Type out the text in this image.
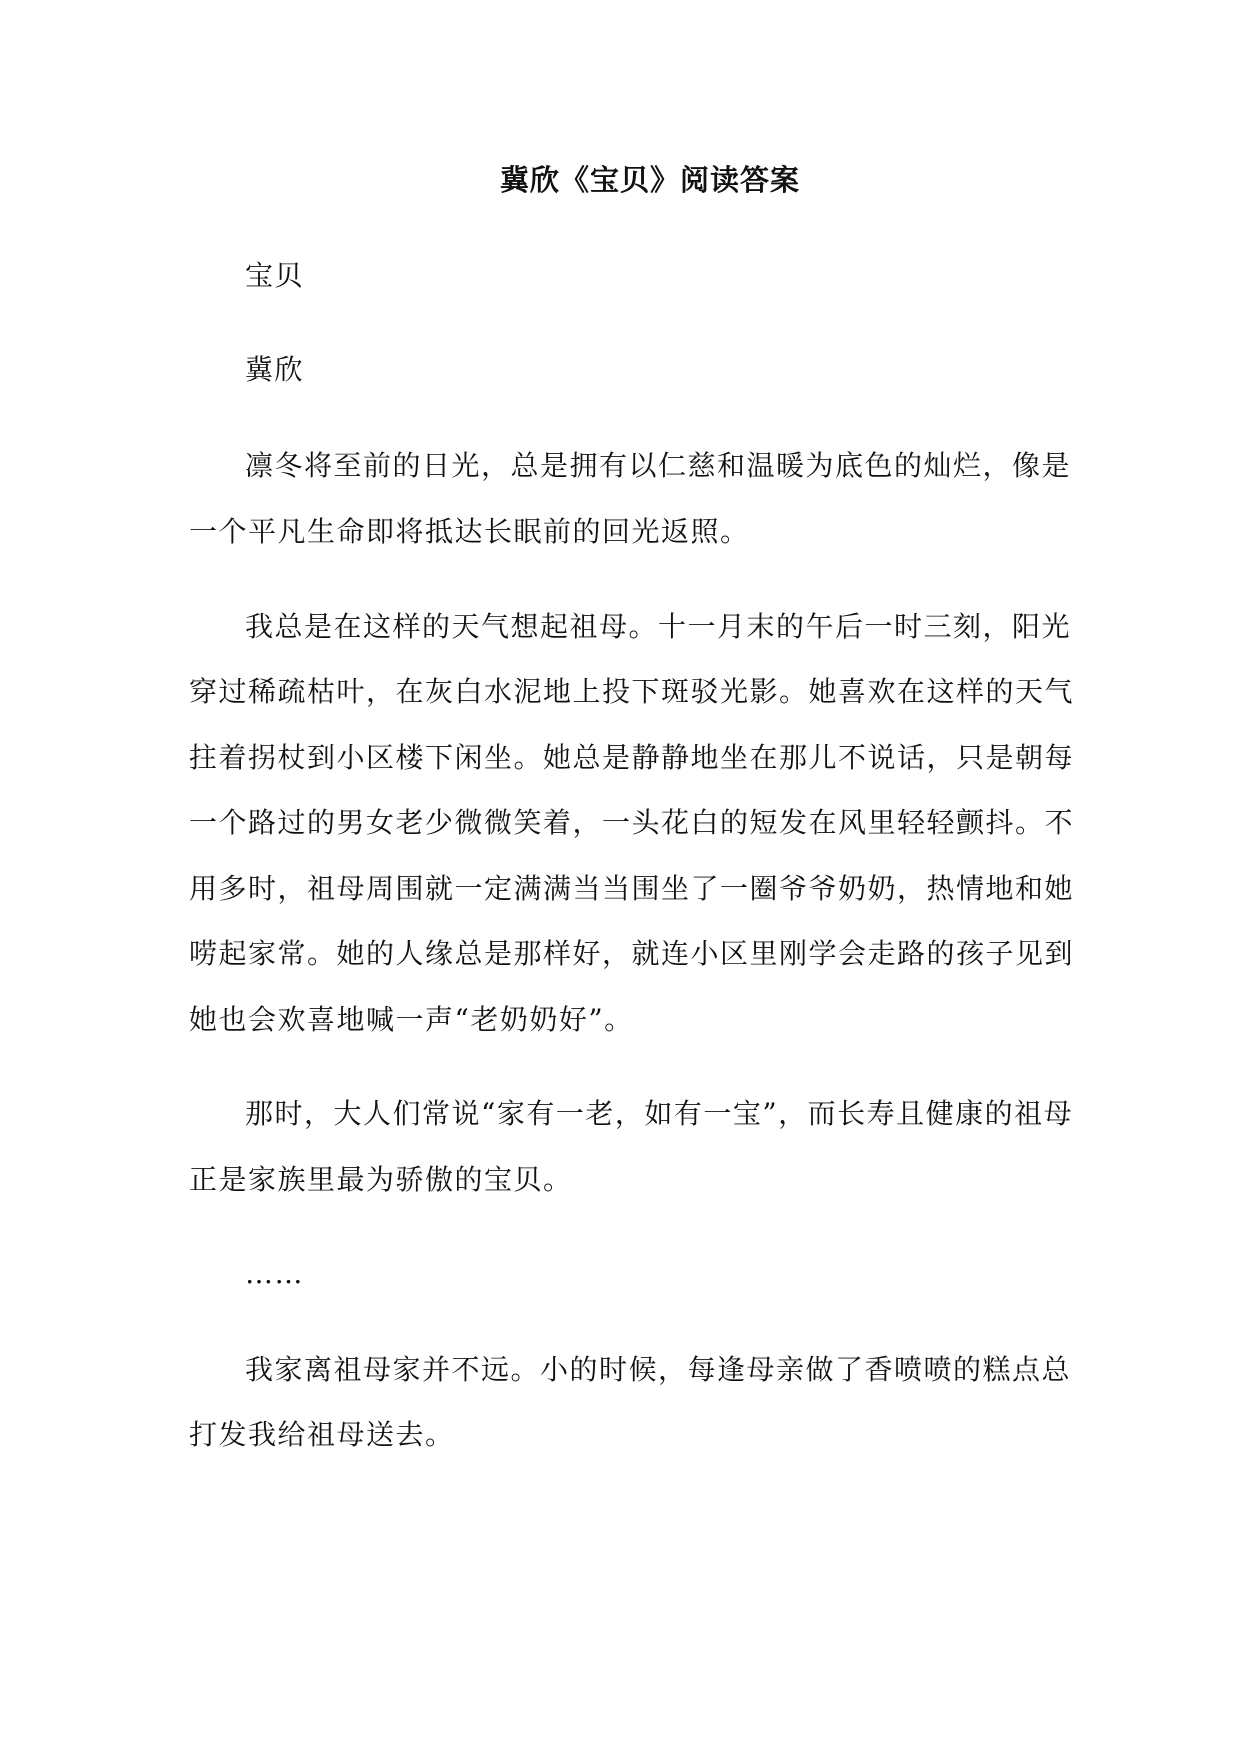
冀欣《宝贝》阅读答案

宝贝

冀欣

凛冬将至前的日光，总是拥有以仁慈和温暖为底色的灿烂，像是

一个平凡生命即将抵达长眠前的回光返照。

我总是在这样的天气想起祖母。十一月末的午后一时三刻，阳光

穿过稀疏枯叶，在灰白水泥地上投下斑驳光影。她喜欢在这样的天气

拄着拐杖到小区楼下闲坐。她总是静静地坐在那儿不说话，只是朝每

一个路过的男女老少微微笑着，一头花白的短发在风里轻轻颤抖。不

用多时，祖母周围就一定满满当当围坐了一圈爷爷奶奶，热情地和她

唠起家常。她的人缘总是那样好，就连小区里刚学会走路的孩子见到

她也会欢喜地喊一声“老奶奶好”。

那时，大人们常说“家有一老，如有一宝”，而长寿且健康的祖母

正是家族里最为骄傲的宝贝。

……

我家离祖母家并不远。小的时候，每逢母亲做了香喷喷的糕点总

打发我给祖母送去。
